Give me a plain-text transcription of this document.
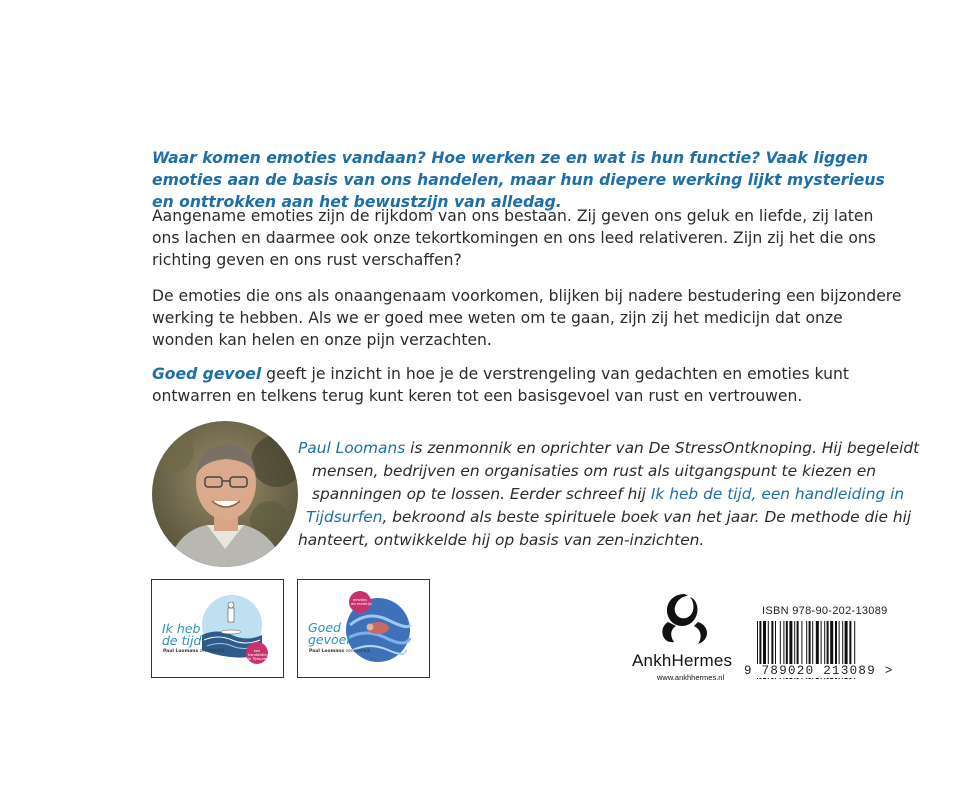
Waar komen emoties vandaan? Hoe werken ze en wat is hun functie? Vaak liggen emoties aan de basis van ons handelen, maar hun diepere werking lijkt mysterieus en onttrokken aan het bewustzijn van alledag.
Aangename emoties zijn de rijkdom van ons bestaan. Zij geven ons geluk en liefde, zij laten ons lachen en daarmee ook onze tekortkomingen en ons leed relativeren. Zijn zij het die ons richting geven en ons rust verschaffen?
De emoties die ons als onaangenaam voorkomen, blijken bij nadere bestudering een bijzondere werking te hebben. Als we er goed mee weten om te gaan, zijn zij het medicijn dat onze wonden kan helen en onze pijn verzachten.
Goed gevoel geeft je inzicht in hoe je de verstrengeling van gedachten en emoties kunt ontwarren en telkens terug kunt keren tot een basisgevoel van rust en vertrouwen.
Paul Loomans is zenmonnik en oprichter van De StressOntknoping. Hij begeleidt
mensen, bedrijven en organisaties om rust als uitgangspunt te kiezen en
spanningen op te lossen. Eerder schreef hij Ik heb de tijd, een handleiding in
Tijdsurfen, bekroond als beste spirituele boek van het jaar. De methode die hij
hanteert, ontwikkelde hij op basis van zen-inzichten.
Ik heb
de tijd
Paul Loomans zenmonnik	een
handleiding
in Tijdsurfen
Goed
gevoel
Paul Loomans zenmonnik
emoties
als medicijn
AnkhHermes
www.ankhhermes.nl
ISBN 978-90-202-13089
9 789020 213089 >
